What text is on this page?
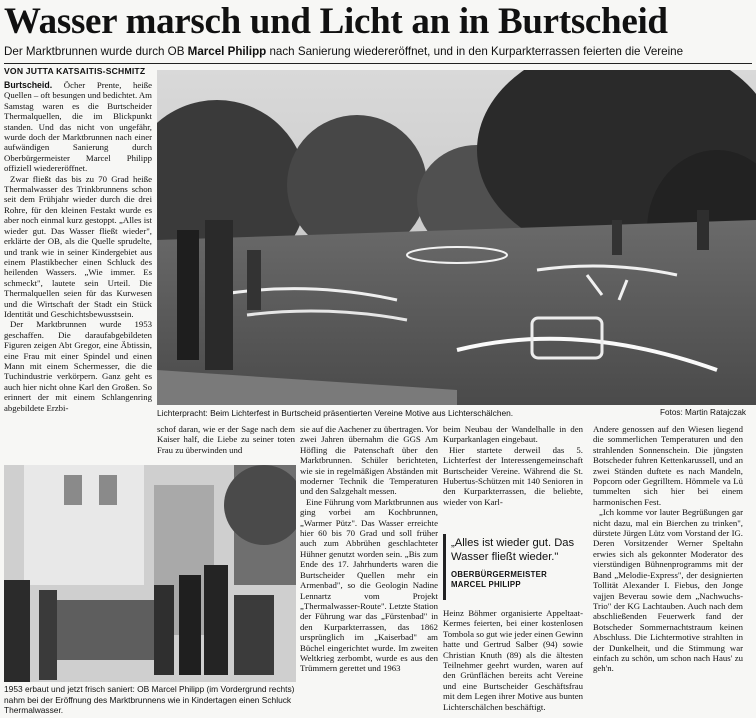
Wasser marsch und Licht an in Burtscheid
Der Marktbrunnen wurde durch OB Marcel Philipp nach Sanierung wiedereröffnet, und in den Kurparkterrassen feierten die Vereine
VON JUTTA KATSAITIS-SCHMITZ

Burtscheid. Öcher Prente, heiße Quellen – oft besungen und bedichtet. Am Samstag waren es die Burtscheider Thermalquellen, die im Blickpunkt standen. Und das nicht von ungefähr, wurde doch der Marktbrunnen nach einer aufwändigen Sanierung durch Oberbürgermeister Marcel Philipp offiziell wiedereröffnet.

Zwar fließt das bis zu 70 Grad heiße Thermalwasser des Trinkbrunnens schon seit dem Frühjahr wieder durch die drei Rohre, für den kleinen Festakt wurde es aber noch einmal kurz gestoppt. „Alles ist wieder gut. Das Wasser fließt wieder", erklärte der OB, als die Quelle sprudelte, und trank wie in seiner Kindergebiet aus einem Plastikbecher einen Schluck des heilenden Wassers. „Wie immer. Es schmeckt", lautete sein Urteil. Die Thermalquellen seien für das Kurwesen und die Wirtschaft der Stadt ein Stück Identität und Geschichtsbewusstsein.

Der Marktbrunnen wurde 1953 geschaffen. Die daraufabgebildeten Figuren zeigen Abt Gregor, eine Äbtissin, eine Frau mit einer Spindel und einen Mann mit einem Schermesser, die die Tuchindustrie verkörpern. Ganz geht es auch hier nicht ohne Karl den Großen. So erinnert der mit einem Schlangenring abgebildete Erzbi-

Lichterpracht: Beim Lichterfest in Burtscheid präsentierten Vereine Motive aus Lichterschälchen.	Fotos: Martin Ratajczak

schof daran, wie er der Sage nach dem Kaiser half, die Liebe zu seiner toten Frau zu überwinden und

1953 erbaut und jetzt frisch saniert: OB Marcel Philipp (im Vordergrund rechts) nahm bei der Eröffnung des Marktbrunnens wie in Kindertagen einen Schluck Thermalwasser.

sie auf die Aachener zu übertragen. Vor zwei Jahren übernahm die GGS Am Höfling die Patenschaft über den Marktbrunnen. Schüler berichteten, wie sie in regelmäßigen Abständen mit moderner Technik die Temperaturen und den Salzgehalt messen.

Eine Führung vom Marktbrunnen aus ging vorbei am Kochbrunnen, „Warmer Pütz". Das Wasser erreichte hier 60 bis 70 Grad und soll früher auch zum Abbrühen geschlachteter Hühner genutzt worden sein. „Bis zum Ende des 17. Jahrhunderts waren die Burtscheider Quellen mehr ein Armenbad", so die Geologin Nadine Lennartz vom Projekt „Thermalwasser-Route". Letzte Station der Führung war das „Fürstenbad" in den Kurparkterrassen, das 1862 ursprünglich im „Kaiserbad" am Büchel eingerichtet wurde. Im zweiten Weltkrieg zerbombt, wurde es aus den Trümmern gerettet und 1963

beim Neubau der Wandelhalle in den Kurparkanlagen eingebaut.

Hier startete derweil das 5. Lichterfest der Interessengemeinschaft Burtscheider Vereine. Während die St. Hubertus-Schützen mit 140 Senioren in den Kurparkterrassen, die beliebte, wieder von Karl-

„Alles ist wieder gut. Das Wasser fließt wieder."
OBERBÜRGERMEISTER
MARCEL PHILIPP

Heinz Böhmer organisierte Appeltaat-Kermes feierten, bei einer kostenlosen Tombola so gut wie jeder einen Gewinn hatte und Gertrud Salber (94) sowie Christian Knuth (89) als die ältesten Teilnehmer geehrt wurden, waren auf den Grünflächen bereits acht Vereine und eine Burtscheider Geschäftsfrau mit dem Legen ihrer Motive aus bunten Lichterschälchen beschäftigt.

Andere genossen auf den Wiesen liegend die sommerlichen Temperaturen und den strahlenden Sonnenschein. Die jüngsten Botscheder fuhren Kettenkarussell, und an zwei Ständen duftete es nach Mandeln, Popcorn oder Gegrilltem. Hömmele va Lü tummelten sich hier bei einem harmonischen Fest.

„Ich komme vor lauter Begrüßungen gar nicht dazu, mal ein Bierchen zu trinken", dürstete Jürgen Lütz vom Vorstand der IG. Deren Vorsitzender Werner Speltahn erwies sich als gekonnter Moderator des vierstündigen Bühnenprogramms mit der Band „Melodie-Express", der designierten Tollität Alexander I. Fiebus, den Jonge vajjen Beverau sowie dem „Nachwuchs-Trio" der KG Lachtauben. Auch nach dem abschließenden Feuerwerk fand der Botscheder Sommernachtstraum keinen Abschluss. Die Lichtermotive strahlten in der Dunkelheit, und die Stimmung war einfach zu schön, um schon nach Haus' zu geh'n.
